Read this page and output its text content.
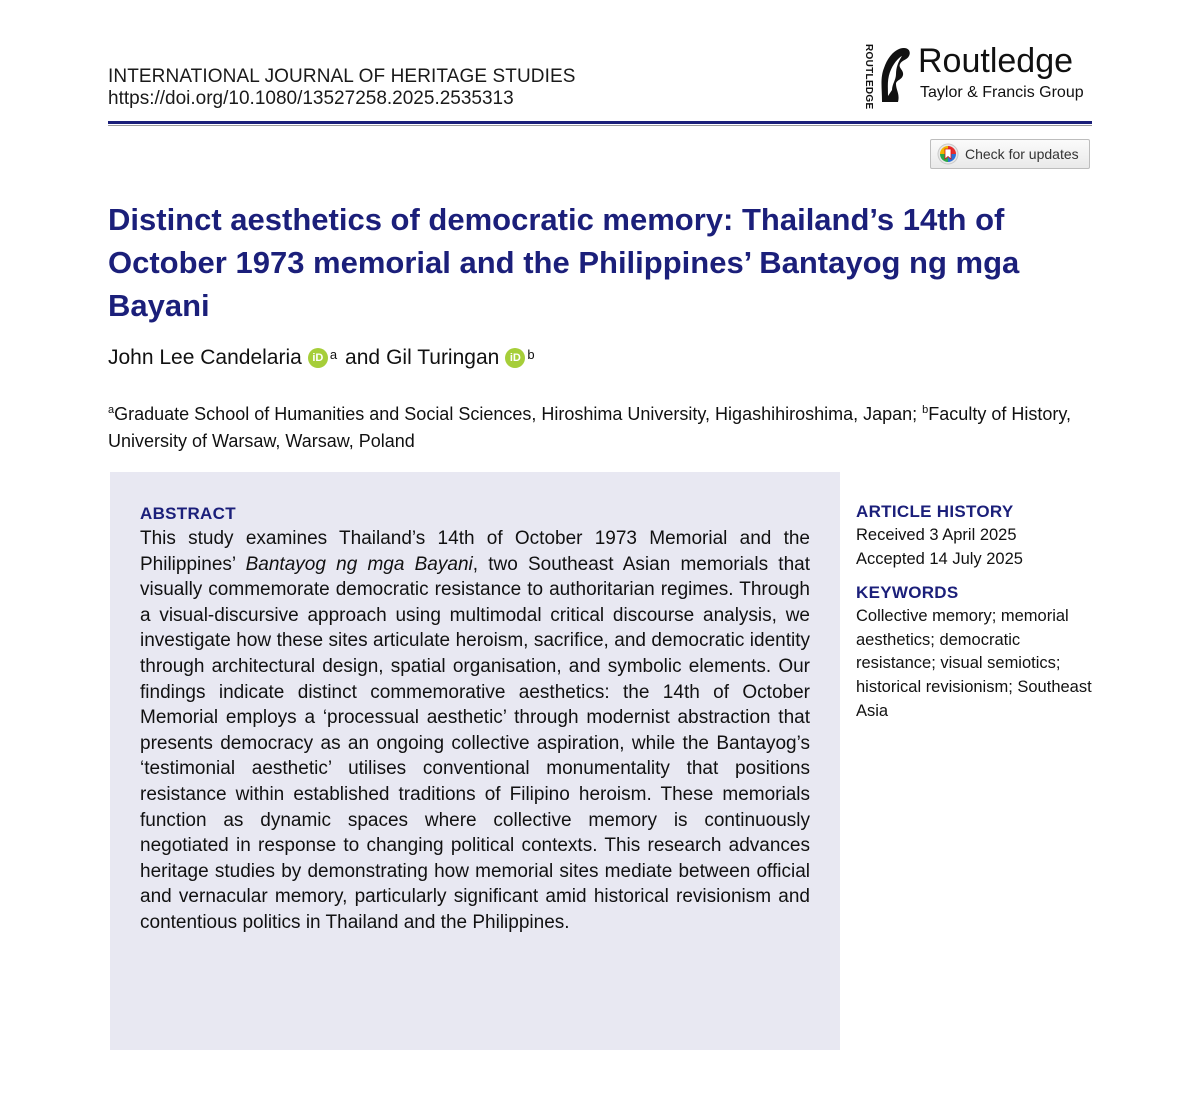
INTERNATIONAL JOURNAL OF HERITAGE STUDIES
https://doi.org/10.1080/13527258.2025.2535313	ROUTLEDGE Routledge
Taylor & Francis Group
Check for updates
Distinct aesthetics of democratic memory: Thailand’s 14th of October 1973 memorial and the Philippines’ Bantayog ng mga Bayani
John Lee Candelaria iD a and Gil Turingan iD b
$^a$Graduate School of Humanities and Social Sciences, Hiroshima University, Higashihiroshima, Japan; $^b$Faculty of History, University of Warsaw, Warsaw, Poland
ABSTRACT

This study examines Thailand’s 14th of October 1973 Memorial and the Philippines’ Bantayog ng mga Bayani, two Southeast Asian memorials that visually commemorate democratic resistance to authoritarian regimes. Through a visual-discursive approach using multimodal critical discourse analysis, we investigate how these sites articulate heroism, sacrifice, and democratic identity through architectural design, spatial organisation, and symbolic elements. Our findings indicate distinct commemorative aesthetics: the 14th of October Memorial employs a ‘processual aesthetic’ through modernist abstraction that presents democracy as an ongoing collective aspiration, while the Bantayog’s ‘testimonial aesthetic’ utilises conventional monumentality that positions resistance within established traditions of Filipino heroism. These memorials function as dynamic spaces where collective memory is continuously negotiated in response to changing political contexts. This research advances heritage studies by demonstrating how memorial sites mediate between official and vernacular memory, particularly significant amid historical revisionism and contentious politics in Thailand and the Philippines.

ARTICLE HISTORY
Received 3 April 2025
Accepted 14 July 2025
KEYWORDS

Collective memory; memorial aesthetics; democratic resistance; visual semiotics; historical revisionism; Southeast Asia
